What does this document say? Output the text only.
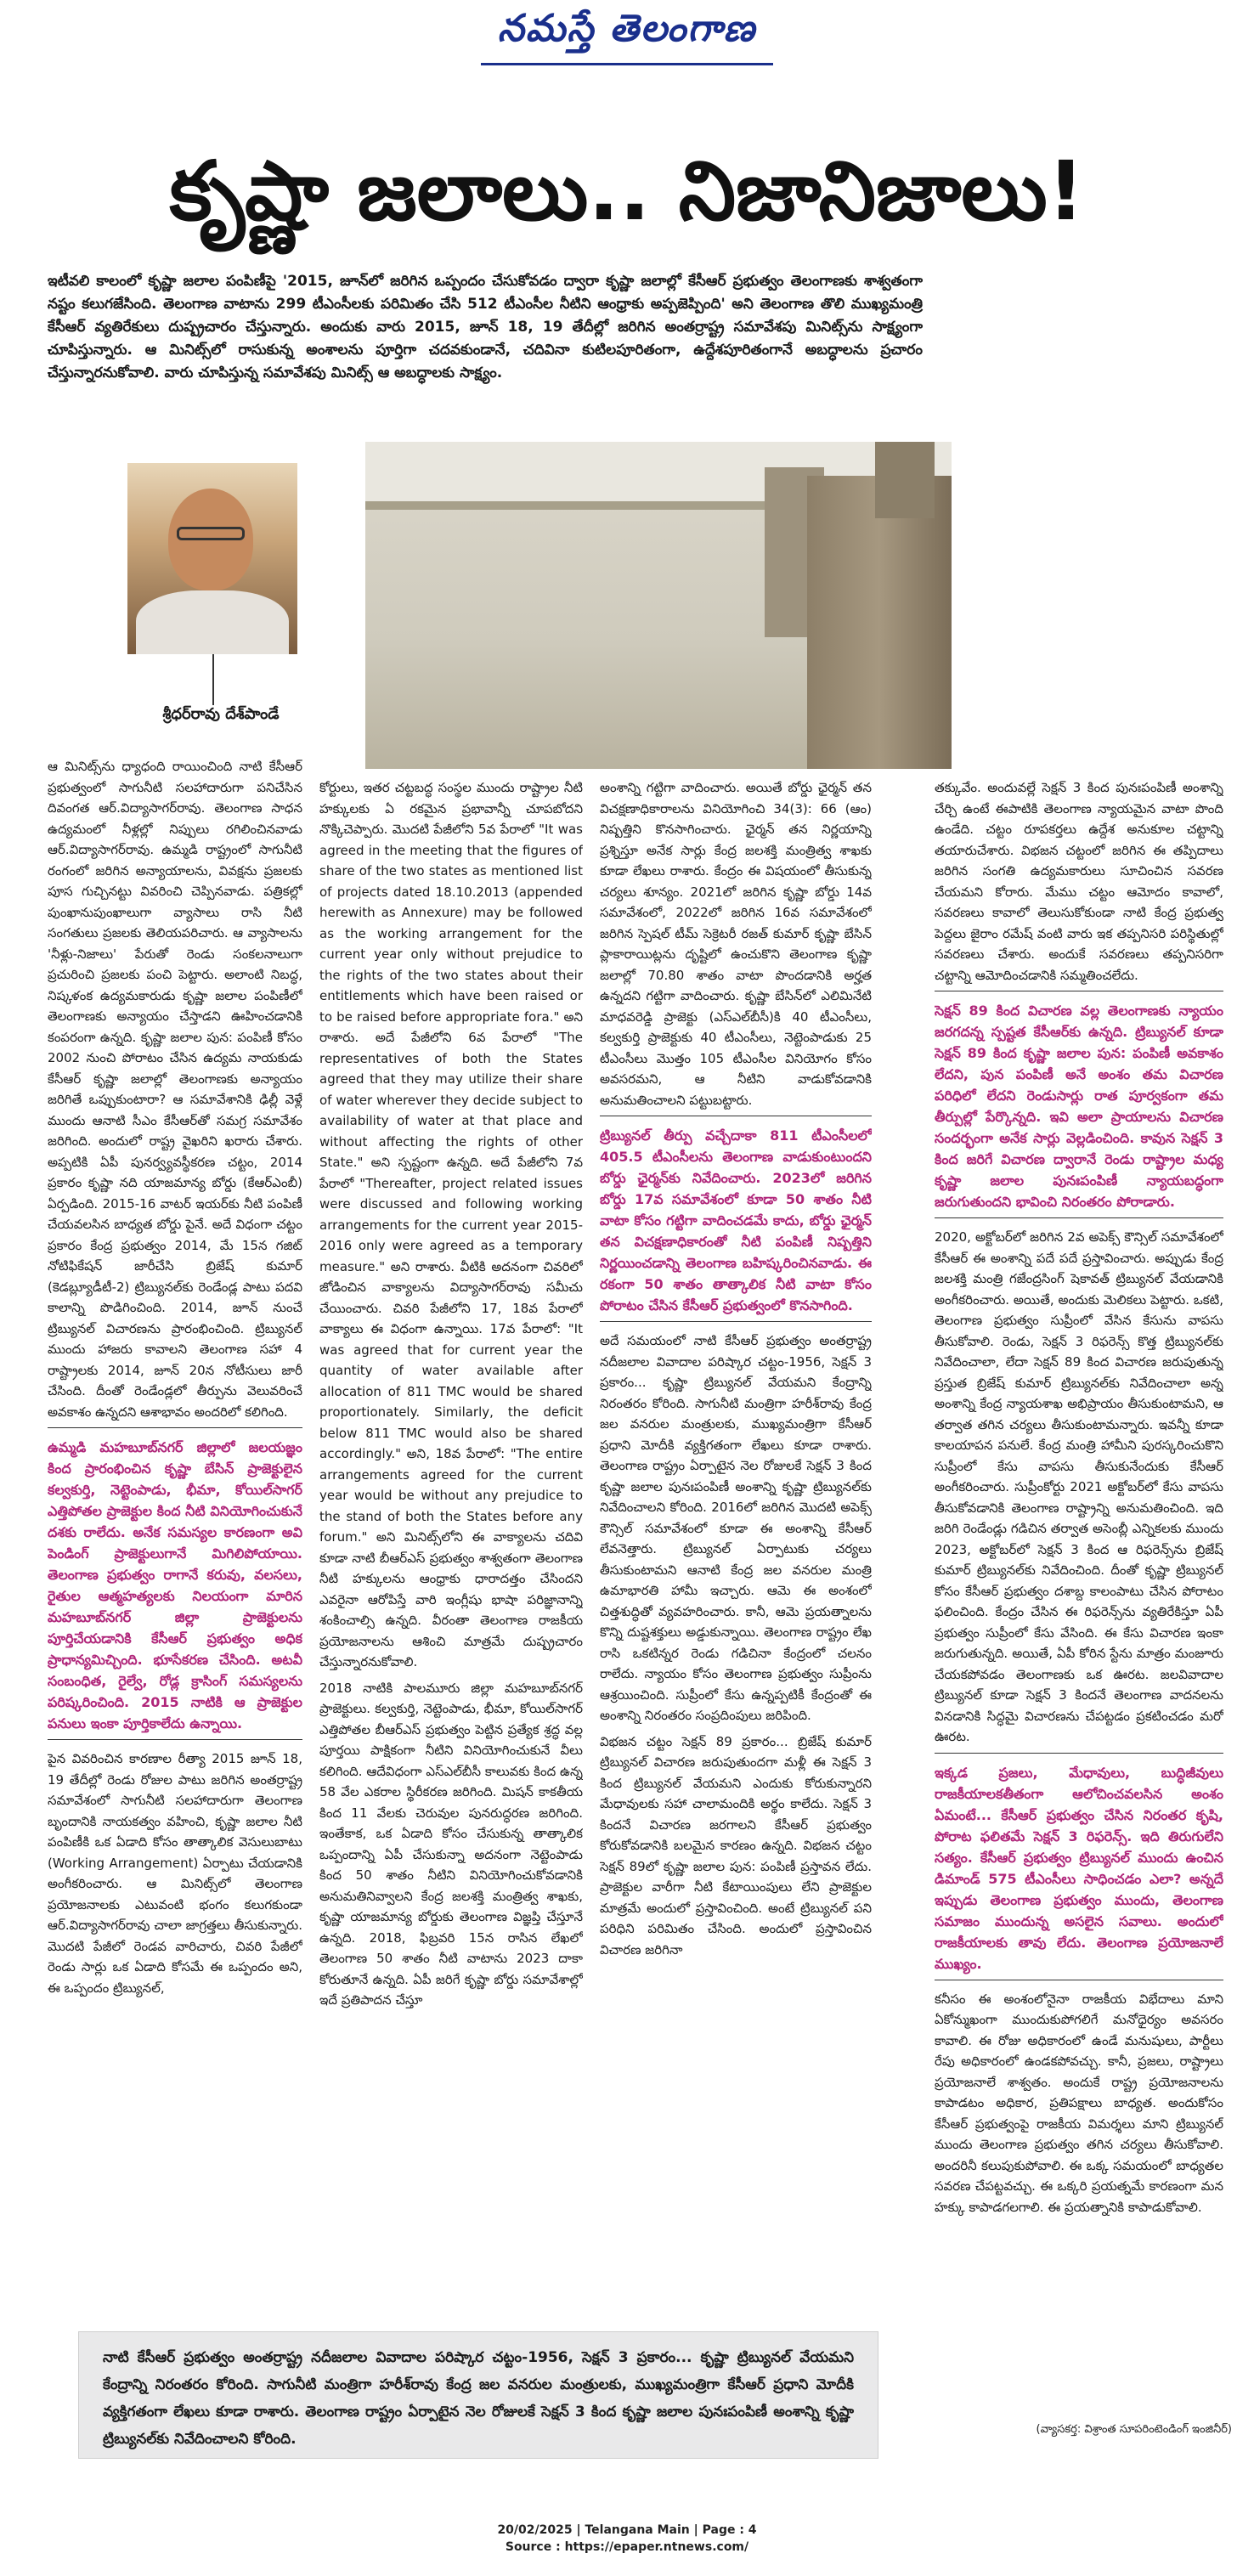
నమస్తే తెలంగాణ
కృష్ణా జలాలు.. నిజానిజాలు!
ఇటీవలి కాలంలో కృష్ణా జలాల పంపిణీపై '2015, జూన్‌లో జరిగిన ఒప్పందం చేసుకోవడం ద్వారా కృష్ణా జలాల్లో కేసీఆర్ ప్రభుత్వం తెలంగాణకు శాశ్వతంగా నష్టం కలుగజేసింది. తెలంగాణ వాటాను 299 టీఎంసీలకు పరిమితం చేసి 512 టీఎంసీల నీటిని ఆంధ్రాకు అప్పజెప్పింది' అని తెలంగాణ తొలి ముఖ్యమంత్రి కేసీఆర్ వ్యతిరేకులు దుష్ప్రచారం చేస్తున్నారు. అందుకు వారు 2015, జూన్ 18, 19 తేదీల్లో జరిగిన అంతర్రాష్ట్ర సమావేశపు మినిట్స్‌ను సాక్ష్యంగా చూపిస్తున్నారు. ఆ మినిట్స్‌లో రాసుకున్న అంశాలను పూర్తిగా చదవకుండానే, చదివినా కుటిలపూరితంగా, ఉద్దేశపూరితంగానే అబద్ధాలను ప్రచారం చేస్తున్నారనుకోవాలి. వారు చూపిస్తున్న సమావేశపు మినిట్స్ ఆ అబద్ధాలకు సాక్ష్యం.
శ్రీధర్‌రావు దేశ్‌పాండే

ఆ మినిట్స్‌ను ధ్యాధంది రాయించింది నాటి కేసీఆర్ ప్రభుత్వంలో సాగునీటి సలహాదారుగా పనిచేసిన దివంగత ఆర్.విద్యాసాగర్‌రావు. తెలంగాణ సాధన ఉద్యమంలో నీళ్లల్లో నిప్పులు రగిలించినవాడు ఆర్.విద్యాసాగర్‌రావు. ఉమ్మడి రాష్ట్రంలో సాగునీటి రంగంలో జరిగిన అన్యాయాలను, వివక్షను ప్రజలకు పూస గుచ్చినట్టు వివరించి చెప్పినవాడు. పత్రికల్లో పుంఖానుపుంఖాలుగా వ్యాసాలు రాసి నీటి సంగతులు ప్రజలకు తెలియపరిచారు. ఆ వ్యాసాలను 'నీళ్లు-నిజాలు' పేరుతో రెండు సంకలనాలుగా ప్రచురించి ప్రజలకు పంచి పెట్టారు. అలాంటి నిబద్ధ, నిష్కళంక ఉద్యమకారుడు కృష్ణా జలాల పంపిణీలో తెలంగాణకు అన్యాయం చేస్తాడని ఊహించడానికి కంపరంగా ఉన్నది. కృష్ణా జలాల పున: పంపిణీ కోసం 2002 నుంచి పోరాటం చేసిన ఉద్యమ నాయకుడు కేసీఆర్ కృష్ణా జలాల్లో తెలంగాణకు అన్యాయం జరిగితే ఒప్పుకుంటారా? ఆ సమావేశానికి ఢిల్లీ వెళ్లే ముందు ఆనాటి సీఎం కేసీఆర్‌తో సమగ్ర సమావేశం జరిగింది. అందులో రాష్ట్ర వైఖరిని ఖరారు చేశారు. అప్పటికి ఏపీ పునర్వ్యవస్థీకరణ చట్టం, 2014 ప్రకారం కృష్ణా నది యాజమాన్య బోర్డు (కేఆర్ఎంబీ) ఏర్పడింది. 2015-16 వాటర్ ఇయర్‌కు నీటి పంపిణీ చేయవలసిన బాధ్యత బోర్డు పైనే. అదే విధంగా చట్టం ప్రకారం కేంద్ర ప్రభుత్వం 2014, మే 15న గజిట్ నోటిఫికేషన్ జారీచేసి బ్రిజేష్ కుమార్ (కెడబ్ల్యూడీటీ-2) ట్రిబ్యునల్‌కు రెండేండ్ల పాటు పదవి కాలాన్ని పొడిగించింది. 2014, జూన్ నుంచే ట్రిబ్యునల్ విచారణను ప్రారంభించింది. ట్రిబ్యునల్ ముందు హాజరు కావాలని తెలంగాణ సహా 4 రాష్ట్రాలకు 2014, జూన్ 20న నోటీసులు జారీ చేసింది. దీంతో రెండేండ్లలో తీర్పును వెలువరించే అవకాశం ఉన్నదని ఆశాభావం అందరిలో కలిగింది.

ఉమ్మడి మహబూబ్‌నగర్ జిల్లాలో జలయజ్ఞం కింద ప్రారంభించిన కృష్ణా బేసిన్ ప్రాజెక్టులైన కల్వకుర్తి, నెట్టెంపాడు, భీమా, కోయిల్‌సాగర్ ఎత్తిపోతల ప్రాజెక్టుల కింద నీటి వినియోగించుకునే దశకు రాలేదు. అనేక సమస్యల కారణంగా అవి పెండింగ్ ప్రాజెక్టులుగానే మిగిలిపోయాయి. తెలంగాణ ప్రభుత్వం రాగానే కరువు, వలసలు, రైతుల ఆత్మహత్యలకు నిలయంగా మారిన మహబూబ్‌నగర్ జిల్లా ప్రాజెక్టులను పూర్తిచేయడానికి కేసీఆర్ ప్రభుత్వం అధిక ప్రాధాన్యమిచ్చింది. భూసేకరణ చేసింది. అటవీ సంబంధిత, రైల్వే, రోడ్ల క్రాసింగ్ సమస్యలను పరిష్కరించింది. 2015 నాటికి ఆ ప్రాజెక్టుల పనులు ఇంకా పూర్తికాలేదు ఉన్నాయి.

పైన వివరించిన కారణాల రీత్యా 2015 జూన్ 18, 19 తేదీల్లో రెండు రోజుల పాటు జరిగిన అంతర్రాష్ట్ర సమావేశంలో సాగునీటి సలహాదారుగా తెలంగాణ బృందానికి నాయకత్వం వహించి, కృష్ణా జలాల నీటి పంపిణీకి ఒక ఏడాది కోసం తాత్కాలిక వెసులుబాటు (Working Arrangement) ఏర్పాటు చేయడానికి అంగీకరించారు. ఆ మినిట్స్‌లో తెలంగాణ ప్రయోజనాలకు ఎటువంటి భంగం కలుగకుండా ఆర్.విద్యాసాగర్‌రావు చాలా జాగ్రత్తలు తీసుకున్నారు. మొదటి పేజీలో రెండవ వారిచారు, చివరి పేజీలో రెండు సార్లు ఒక ఏడాది కోసమే ఈ ఒప్పందం అని, ఈ ఒప్పందం ట్రిబ్యునల్,

కోర్టులు, ఇతర చట్టబద్ధ సంస్థల ముందు రాష్ట్రాల నీటి హక్కులకు ఏ రకమైన ప్రభావాన్నీ చూపబోదని నొక్కిచెప్పారు. మొదటి పేజీలోని 5వ పేరాలో "It was agreed in the meeting that the figures of share of the two states as mentioned list of projects dated 18.10.2013 (appended herewith as Annexure) may be followed as the working arrangement for the current year only without prejudice to the rights of the two states about their entitlements which have been raised or to be raised before appropriate fora." అని రాశారు. అదే పేజీలోని 6వ పేరాలో "The representatives of both the States agreed that they may utilize their share of water wherever they decide subject to availability of water at that place and without affecting the rights of other State." అని స్పష్టంగా ఉన్నది. అదే పేజీలోని 7వ పేరాలో "Thereafter, project related issues were discussed and following working arrangements for the current year 2015-2016 only were agreed as a temporary measure." అని రాశారు. వీటికి అదనంగా చివరిలో జోడించిన వాక్యాలను విద్యాసాగర్‌రావు సమీచు చేయించారు. చివరి పేజీలోని 17, 18వ పేరాలో వాక్యాలు ఈ విధంగా ఉన్నాయి. 17వ పేరాలో: "It was agreed that for current year the quantity of water available after allocation of 811 TMC would be shared proportionately. Similarly, the deficit below 811 TMC would also be shared accordingly." అని, 18వ పేరాలో: "The entire arrangements agreed for the current year would be without any prejudice to the stand of both the States before any forum." అని మినిట్స్‌లోని ఈ వాక్యాలను చదివి కూడా నాటి బీఆర్ఎస్ ప్రభుత్వం శాశ్వతంగా తెలంగాణ నీటి హక్కులను ఆంధ్రాకు ధారాదత్తం చేసిందని ఎవరైనా ఆరోపిస్తే వారి ఇంగ్లీషు భాషా పరిజ్ఞానాన్ని శంకించాల్సి ఉన్నది. వీరంతా తెలంగాణ రాజకీయ ప్రయోజనాలను ఆశించి మాత్రమే దుష్ప్రచారం చేస్తున్నారనుకోవాలి.

2018 నాటికి పాలమూరు జిల్లా మహబూబ్‌నగర్ ప్రాజెక్టులు. కల్వకుర్తి, నెట్టెంపాడు, భీమా, కోయిల్‌సాగర్ ఎత్తిపోతల బీఆర్ఎస్ ప్రభుత్వం పెట్టిన ప్రత్యేక శ్రద్ధ వల్ల పూర్తయి పాక్షికంగా నీటిని వినియోగించుకునే వీలు కలిగింది. ఆదేవిధంగా ఎస్ఎల్‌బీసీ కాలువకు కింద ఉన్న 58 వేల ఎకరాల స్థిరీకరణ జరిగింది. మిషన్ కాకతీయ కింద 11 వేలకు చెరువుల పునరుద్ధరణ జరిగింది. ఇంతేకాక, ఒక ఏడాది కోసం చేసుకున్న తాత్కాలిక ఒప్పందాన్ని ఏపీ చేసుకున్నా అదనంగా నెట్టెంపాడు కింద 50 శాతం నీటిని వినియోగించుకోవడానికి అనుమతినివ్వాలని కేంద్ర జలశక్తి మంత్రిత్వ శాఖకు, కృష్ణా యాజమాన్య బోర్డుకు తెలంగాణ విజ్ఞప్తి చేస్తూనే ఉన్నది. 2018, ఫిబ్రవరి 15న రాసిన లేఖలో తెలంగాణ 50 శాతం నీటి వాటాను 2023 దాకా కోరుతూనే ఉన్నది. ఏపీ జరిగే కృష్ణా బోర్డు సమావేశాల్లో ఇదే ప్రతిపాదన చేస్తూ

అంశాన్ని గట్టిగా వాదించారు. అయితే బోర్డు ఛైర్మన్ తన విచక్షణాధికారాలను వినియోగించి 34(3): 66 (ఆం) నిష్పత్తిని కొనసాగించారు. ఛైర్మన్ తన నిర్ణయాన్ని ప్రశ్నిస్తూ అనేక సార్లు కేంద్ర జలశక్తి మంత్రిత్వ శాఖకు కూడా లేఖలు రాశారు. కేంద్రం ఈ విషయంలో తీసుకున్న చర్యలు శూన్యం. 2021లో జరిగిన కృష్ణా బోర్డు 14వ సమావేశంలో, 2022లో జరిగిన 16వ సమావేశంలో జరిగిన స్పెషల్ టీమ్ సెక్రెటరీ రజత్ కుమార్ కృష్ణా బేసిన్ ప్లాకారాయిట్లను దృష్టిలో ఉంచుకొని తెలంగాణ కృష్ణా జలాల్లో 70.80 శాతం వాటా పొందడానికి అర్హత ఉన్నదని గట్టిగా వాదించారు. కృష్ణా బేసిన్‌లో ఎలిమినేటి మాధవరెడ్డి ప్రాజెక్టు (ఎస్ఎల్‌బీసీ)కి 40 టీఎంసీలు, కల్వకుర్తి ప్రాజెక్టుకు 40 టీఎంసీలు, నెట్టెంపాడుకు 25 టీఎంసీలు మొత్తం 105 టీఎంసీల వినియోగం కోసం అవసరమని, ఆ నీటిని వాడుకోవడానికి అనుమతించాలని పట్టుబట్టారు.

ట్రిబ్యునల్ తీర్పు వచ్చేదాకా 811 టీఎంసీలలో 405.5 టీఎంసీలను తెలంగాణ వాడుకుంటుందని బోర్డు ఛైర్మన్‌కు నివేదించారు. 2023లో జరిగిన బోర్డు 17వ సమావేశంలో కూడా 50 శాతం నీటి వాటా కోసం గట్టిగా వాదించడమే కాదు, బోర్డు ఛైర్మన్ తన విచక్షణాధికారంతో నీటి పంపిణీ నిష్పత్తిని నిర్ణయించడాన్ని తెలంగాణ బహిష్కరించినవాడు. ఈ రకంగా 50 శాతం తాత్కాలిక నీటి వాటా కోసం పోరాటం చేసిన కేసీఆర్ ప్రభుత్వంలో కొనసాగింది.

అదే సమయంలో నాటి కేసీఆర్ ప్రభుత్వం అంతర్రాష్ట్ర నదీజలాల వివాదాల పరిష్కార చట్టం-1956, సెక్షన్ 3 ప్రకారం... కృష్ణా ట్రిబ్యునల్ వేయమని కేంద్రాన్ని నిరంతరం కోరింది. సాగునీటి మంత్రిగా హరీశ్‌రావు కేంద్ర జల వనరుల మంత్రులకు, ముఖ్యమంత్రిగా కేసీఆర్ ప్రధాని మోదీకి వ్యక్తిగతంగా లేఖలు కూడా రాశారు. తెలంగాణ రాష్ట్రం ఏర్పాటైన నెల రోజులకే సెక్షన్ 3 కింద కృష్ణా జలాల పునఃపంపిణీ అంశాన్ని కృష్ణా ట్రిబ్యునల్‌కు నివేదించాలని కోరింది. 2016లో జరిగిన మొదటి అపెక్స్ కౌన్సిల్ సమావేశంలో కూడా ఈ అంశాన్ని కేసీఆర్ లేవనెత్తారు. ట్రిబ్యునల్ ఏర్పాటుకు చర్యలు తీసుకుంటామని ఆనాటి కేంద్ర జల వనరుల మంత్రి ఉమాభారతి హామీ ఇచ్చారు. ఆమె ఈ అంశంలో చిత్తశుద్ధితో వ్యవహరించారు. కానీ, ఆమె ప్రయత్నాలను కొన్ని దుష్టశక్తులు అడ్డుకున్నాయి. తెలంగాణ రాష్ట్రం లేఖ రాసి ఒకటిన్నర రెండు గడిచినా కేంద్రంలో చలనం రాలేదు. న్యాయం కోసం తెలంగాణ ప్రభుత్వం సుప్రీంను ఆశ్రయించింది. సుప్రీంలో కేసు ఉన్నప్పటికీ కేంద్రంతో ఈ అంశాన్ని నిరంతరం సంప్రదింపులు జరిపింది.

విభజన చట్టం సెక్షన్ 89 ప్రకారం... బ్రిజేష్ కుమార్ ట్రిబ్యునల్ విచారణ జరుపుతుందగా మళ్లీ ఈ సెక్షన్ 3 కింద ట్రిబ్యునల్ వేయమని ఎందుకు కోరుకున్నారని మేధావులకు సహా చాలామందికి అర్థం కాలేదు. సెక్షన్ 3 కిందనే విచారణ జరగాలని కేసీఆర్ ప్రభుత్వం కోరుకోవడానికి బలమైన కారణం ఉన్నది. విభజన చట్టం సెక్షన్ 89లో కృష్ణా జలాల పున: పంపిణీ ప్రస్తావన లేదు. ప్రాజెక్టుల వారీగా నీటి కేటాయింపులు లేని ప్రాజెక్టుల మాత్రమే అందులో ప్రస్తావించింది. అంటే ట్రిబ్యునల్ పని పరిధిని పరిమితం చేసింది. అందులో ప్రస్తావించిన విచారణ జరిగినా

తక్కువేం. అందువల్లే సెక్షన్ 3 కింద పునఃపంపిణీ అంశాన్ని చేర్చి ఉంటే ఈపాటికి తెలంగాణ న్యాయమైన వాటా పొంది ఉండేది. చట్టం రూపకర్తలు ఉద్దేశ అనుకూల చట్టాన్ని తయారుచేశారు. విభజన చట్టంలో జరిగిన ఈ తప్పిదాలు జరిగిన సంగతి ఉద్యమకారులు సూచించిన సవరణ చేయమని కోరారు. మేము చట్టం ఆమోదం కావాలో, సవరణలు కావాలో తెలుసుకోకుండా నాటి కేంద్ర ప్రభుత్వ పెద్దలు జైరాం రమేష్ వంటి వారు ఇక తప్పనిసరి పరిస్థితుల్లో సవరణలు చేశారు. అందుకే సవరణలు తప్పనిసరిగా చట్టాన్ని ఆమోదించడానికి సమ్మతించలేదు.

సెక్షన్ 89 కింద విచారణ వల్ల తెలంగాణకు న్యాయం జరగదన్న స్పష్టత కేసీఆర్‌కు ఉన్నది. ట్రిబ్యునల్ కూడా సెక్షన్ 89 కింద కృష్ణా జలాల పున: పంపిణీ అవకాశం లేదని, పున పంపిణీ అనే అంశం తమ విచారణ పరిధిలో లేదని రెండుసార్లు రాత పూర్వకంగా తమ తీర్పుల్లో పేర్కొన్నది. ఇవి అలా ప్రాయాలను విచారణ సందర్భంగా అనేక సార్లు వెల్లడించింది. కావున సెక్షన్ 3 కింద జరిగే విచారణ ద్వారానే రెండు రాష్ట్రాల మధ్య కృష్ణా జలాల పునఃపంపిణీ న్యాయబద్ధంగా జరుగుతుందని భావించి నిరంతరం పోరాడారు.

2020, అక్టోబర్‌లో జరిగిన 2వ అపెక్స్ కౌన్సిల్ సమావేశంలో కేసీఆర్ ఈ అంశాన్ని పదే పదే ప్రస్తావించారు. అప్పుడు కేంద్ర జలశక్తి మంత్రి గజేంద్రసింగ్ షెకావత్ ట్రిబ్యునల్ వేయడానికి అంగీకరించారు. అయితే, అందుకు మెలికలు పెట్టారు. ఒకటి, తెలంగాణ ప్రభుత్వం సుప్రీంలో వేసిన కేసును వాపసు తీసుకోవాలి. రెండు, సెక్షన్ 3 రిఫరెన్స్ కొత్త ట్రిబ్యునల్‌కు నివేదించాలా, లేదా సెక్షన్ 89 కింద విచారణ జరుపుతున్న ప్రస్తుత బ్రిజేష్ కుమార్ ట్రిబ్యునల్‌కు నివేదించాలా అన్న అంశాన్ని కేంద్ర న్యాయశాఖ అభిప్రాయం తీసుకుంటామని, ఆ తర్వాత తగిన చర్యలు తీసుకుంటామన్నారు. ఇవన్నీ కూడా కాలయాపన పనులే. కేంద్ర మంత్రి హామీని పురస్కరించుకొని సుప్రీంలో కేసు వాపసు తీసుకునేందుకు కేసీఆర్ అంగీకరించారు. సుప్రీంకోర్టు 2021 అక్టోబర్‌లో కేసు వాపసు తీసుకోవడానికి తెలంగాణ రాష్ట్రాన్ని అనుమతించింది. ఇది జరిగి రెండేండ్లు గడిచిన తర్వాత అసెంబ్లీ ఎన్నికలకు ముందు 2023, అక్టోబర్‌లో సెక్షన్ 3 కింద ఆ రిఫరెన్స్‌ను బ్రిజేష్ కుమార్ ట్రిబ్యునల్‌కు నివేదించింది. దీంతో కృష్ణా ట్రిబ్యునల్ కోసం కేసీఆర్ ప్రభుత్వం దశాబ్ద కాలంపాటు చేసిన పోరాటం ఫలించింది. కేంద్రం చేసిన ఈ రిఫరెన్స్‌ను వ్యతిరేకిస్తూ ఏపీ ప్రభుత్వం సుప్రీంలో కేసు వేసింది. ఈ కేసు విచారణ ఇంకా జరుగుతున్నది. అయితే, ఏపీ కోరిన స్టేను మాత్రం మంజూరు చేయకపోవడం తెలంగాణకు ఒక ఊరట. జలవివాదాల ట్రిబ్యునల్ కూడా సెక్షన్ 3 కిందనే తెలంగాణ వాదనలను వినడానికి సిద్ధమై విచారణను చేపట్టడం ప్రకటించడం మరో ఊరట.

ఇక్కడ ప్రజలు, మేధావులు, బుద్ధిజీవులు రాజకీయాలకతీతంగా ఆలోచించవలసిన అంశం ఏమంటే... కేసీఆర్ ప్రభుత్వం చేసిన నిరంతర కృషి, పోరాట ఫలితమే సెక్షన్ 3 రిఫరెన్స్. ఇది తిరుగులేని సత్యం. కేసీఆర్ ప్రభుత్వం ట్రిబ్యునల్ ముందు ఉంచిన డిమాండ్ 575 టీఎంసీలు సాధించడం ఎలా? అన్నదే ఇప్పుడు తెలంగాణ ప్రభుత్వం ముందు, తెలంగాణ సమాజం ముందున్న అసలైన సవాలు. అందులో రాజకీయాలకు తావు లేదు. తెలంగాణ ప్రయోజనాలే ముఖ్యం.

కనీసం ఈ అంశంలోనైనా రాజకీయ విభేదాలు మాని ఏకోన్ముఖంగా ముందుకుపోగలిగే మనోధైర్యం అవసరం కావాలి. ఈ రోజు అధికారంలో ఉండే మనుషులు, పార్టీలు రేపు అధికారంలో ఉండకపోవచ్చు. కానీ, ప్రజలు, రాష్ట్రాలు ప్రయోజనాలే శాశ్వతం. అందుకే రాష్ట్ర ప్రయోజనాలను కాపాడటం అధికార, ప్రతిపక్షాలు బాధ్యత. అందుకోసం కేసీఆర్ ప్రభుత్వంపై రాజకీయ విమర్శలు మాని ట్రిబ్యునల్ ముందు తెలంగాణ ప్రభుత్వం తగిన చర్యలు తీసుకోవాలి. అందరినీ కలుపుకుపోవాలి. ఈ ఒక్క సమయంలో బాధ్యతల సవరణ చేపట్టవచ్చు. ఈ ఒక్కరి ప్రయత్నమే కారణంగా మన హక్కు కాపాడగలగాలి. ఈ ప్రయత్నానికి కాపాడుకోవాలి.

నాటి కేసీఆర్ ప్రభుత్వం అంతర్రాష్ట్ర నదీజలాల వివాదాల పరిష్కార చట్టం-1956, సెక్షన్ 3 ప్రకారం... కృష్ణా ట్రిబ్యునల్ వేయమని కేంద్రాన్ని నిరంతరం కోరింది. సాగునీటి మంత్రిగా హరీశ్‌రావు కేంద్ర జల వనరుల మంత్రులకు, ముఖ్యమంత్రిగా కేసీఆర్ ప్రధాని మోదీకి వ్యక్తిగతంగా లేఖలు కూడా రాశారు. తెలంగాణ రాష్ట్రం ఏర్పాటైన నెల రోజులకే సెక్షన్ 3 కింద కృష్ణా జలాల పునఃపంపిణీ అంశాన్ని కృష్ణా ట్రిబ్యునల్‌కు నివేదించాలని కోరింది.
(వ్యాసకర్త: విశ్రాంత సూపరింటెండింగ్ ఇంజినీర్)
20/02/2025 | Telangana Main | Page : 4
Source : https://epaper.ntnews.com/
